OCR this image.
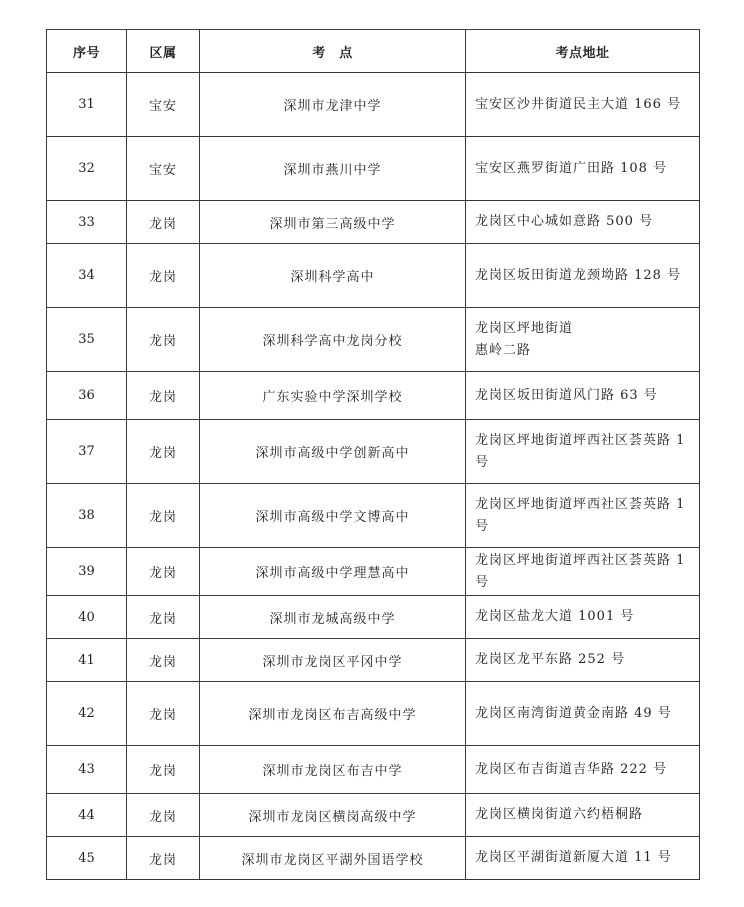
序号	区属	考　点	考点地址
31	宝安	深圳市龙津中学	宝安区沙井街道民主大道 166 号
32	宝安	深圳市燕川中学	宝安区燕罗街道广田路 108 号
33	龙岗	深圳市第三高级中学	龙岗区中心城如意路 500 号
34	龙岗	深圳科学高中	龙岗区坂田街道龙颈坳路 128 号
35	龙岗	深圳科学高中龙岗分校	龙岗区坪地街道
惠岭二路
36	龙岗	广东实验中学深圳学校	龙岗区坂田街道风门路 63 号
37	龙岗	深圳市高级中学创新高中	龙岗区坪地街道坪西社区荟英路 1 号
38	龙岗	深圳市高级中学文博高中	龙岗区坪地街道坪西社区荟英路 1 号
39	龙岗	深圳市高级中学理慧高中	龙岗区坪地街道坪西社区荟英路 1 号
40	龙岗	深圳市龙城高级中学	龙岗区盐龙大道 1001 号
41	龙岗	深圳市龙岗区平冈中学	龙岗区龙平东路 252 号
42	龙岗	深圳市龙岗区布吉高级中学	龙岗区南湾街道黄金南路 49 号
43	龙岗	深圳市龙岗区布吉中学	龙岗区布吉街道吉华路 222 号
44	龙岗	深圳市龙岗区横岗高级中学	龙岗区横岗街道六约梧桐路
45	龙岗	深圳市龙岗区平湖外国语学校	龙岗区平湖街道新厦大道 11 号
